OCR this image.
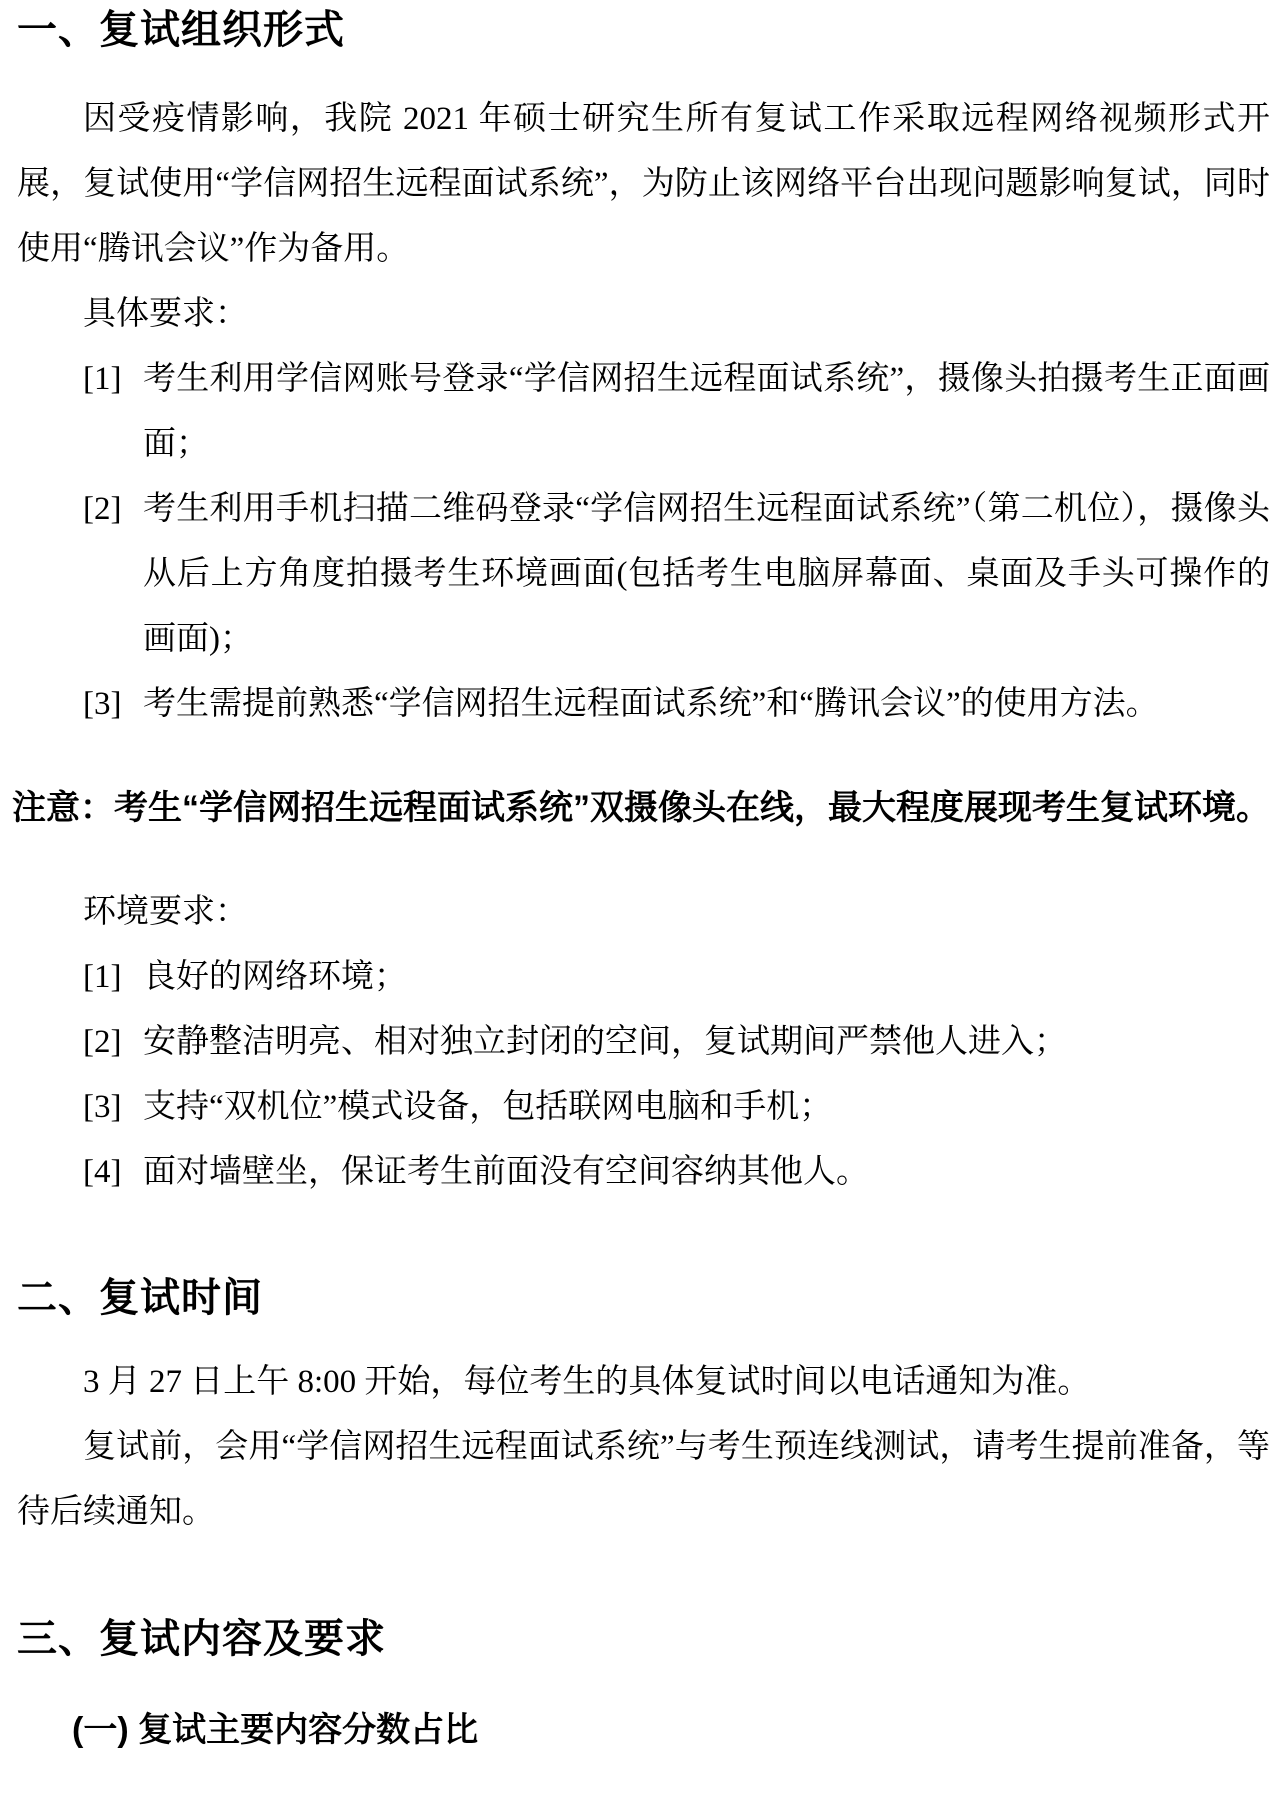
一、复试组织形式

因受疫情影响，我院 2021 年硕士研究生所有复试工作采取远程网络视频形式开展，复试使用“学信网招生远程面试系统”，为防止该网络平台出现问题影响复试，同时使用“腾讯会议”作为备用。

具体要求：

[1] 考生利用学信网账号登录“学信网招生远程面试系统”，摄像头拍摄考生正面画面；
[2] 考生利用手机扫描二维码登录“学信网招生远程面试系统”（第二机位），摄像头从后上方角度拍摄考生环境画面(包括考生电脑屏幕面、桌面及手头可操作的画面)；
[3] 考生需提前熟悉“学信网招生远程面试系统”和“腾讯会议”的使用方法。

注意：考生“学信网招生远程面试系统”双摄像头在线，最大程度展现考生复试环境。

环境要求：

[1] 良好的网络环境；
[2] 安静整洁明亮、相对独立封闭的空间，复试期间严禁他人进入；
[3] 支持“双机位”模式设备，包括联网电脑和手机；
[4] 面对墙壁坐，保证考生前面没有空间容纳其他人。
二、复试时间

3 月 27 日上午 8:00 开始，每位考生的具体复试时间以电话通知为准。

复试前，会用“学信网招生远程面试系统”与考生预连线测试，请考生提前准备，等待后续通知。

三、复试内容及要求
(一) 复试主要内容分数占比
